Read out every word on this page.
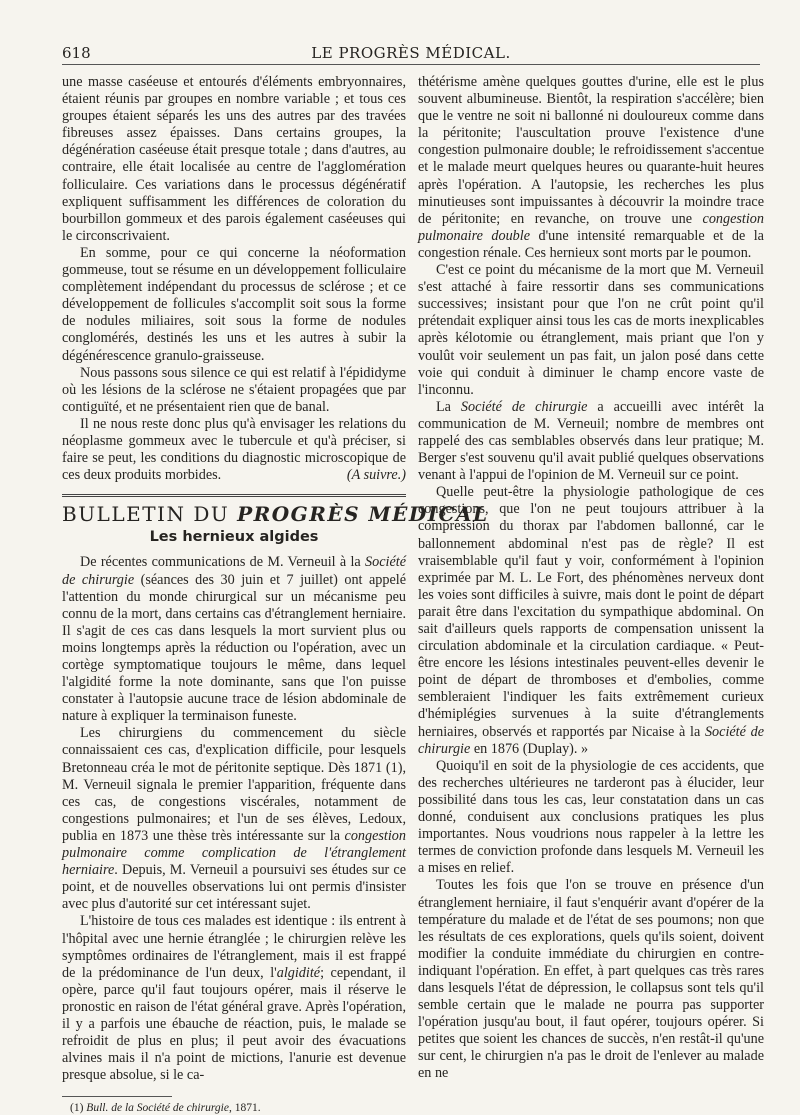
618	LE PROGRÈS MÉDICAL.

une masse caséeuse et entourés d'éléments embryonnaires, étaient réunis par groupes en nombre variable ; et tous ces groupes étaient séparés les uns des autres par des travées fibreuses assez épaisses. Dans certains groupes, la dégénération caséeuse était presque totale ; dans d'autres, au contraire, elle était localisée au centre de l'agglomération folliculaire. Ces variations dans le processus dégénératif expliquent suffisamment les différences de coloration du bourbillon gommeux et des parois également caséeuses qui le circonscrivaient.

En somme, pour ce qui concerne la néoformation gommeuse, tout se résume en un développement folliculaire complètement indépendant du processus de sclérose ; et ce développement de follicules s'accomplit soit sous la forme de nodules miliaires, soit sous la forme de nodules conglomérés, destinés les uns et les autres à subir la dégénérescence granulo-graisseuse.

Nous passons sous silence ce qui est relatif à l'épididyme où les lésions de la sclérose ne s'étaient propagées que par contiguïté, et ne présentaient rien que de banal.

Il ne nous reste donc plus qu'à envisager les relations du néoplasme gommeux avec le tubercule et qu'à préciser, si faire se peut, les conditions du diagnostic microscopique de ces deux produits morbides.	(A suivre.)

BULLETIN DU PROGRÈS MÉDICAL
Les hernieux algides

De récentes communications de M. Verneuil à la Société de chirurgie (séances des 30 juin et 7 juillet) ont appelé l'attention du monde chirurgical sur un mécanisme peu connu de la mort, dans certains cas d'étranglement herniaire. Il s'agit de ces cas dans lesquels la mort survient plus ou moins longtemps après la réduction ou l'opération, avec un cortège symptomatique toujours le même, dans lequel l'algidité forme la note dominante, sans que l'on puisse constater à l'autopsie aucune trace de lésion abdominale de nature à expliquer la terminaison funeste.

Les chirurgiens du commencement du siècle connaissaient ces cas, d'explication difficile, pour lesquels Bretonneau créa le mot de péritonite septique. Dès 1871 (1), M. Verneuil signala le premier l'apparition, fréquente dans ces cas, de congestions viscérales, notamment de congestions pulmonaires; et l'un de ses élèves, Ledoux, publia en 1873 une thèse très intéressante sur la congestion pulmonaire comme complication de l'étranglement herniaire. Depuis, M. Verneuil a poursuivi ses études sur ce point, et de nouvelles observations lui ont permis d'insister avec plus d'autorité sur cet intéressant sujet.

L'histoire de tous ces malades est identique : ils entrent à l'hôpital avec une hernie étranglée ; le chirurgien relève les symptômes ordinaires de l'étranglement, mais il est frappé de la prédominance de l'un deux, l'algidité; cependant, il opère, parce qu'il faut toujours opérer, mais il réserve le pronostic en raison de l'état général grave. Après l'opération, il y a parfois une ébauche de réaction, puis, le malade se refroidit de plus en plus; il peut avoir des évacuations alvines mais il n'a point de mictions, l'anurie est devenue presque absolue, si le ca-

(1) Bull. de la Société de chirurgie, 1871.

thétérisme amène quelques gouttes d'urine, elle est le plus souvent albumineuse. Bientôt, la respiration s'accélère; bien que le ventre ne soit ni ballonné ni douloureux comme dans la péritonite; l'auscultation prouve l'existence d'une congestion pulmonaire double; le refroidissement s'accentue et le malade meurt quelques heures ou quarante-huit heures après l'opération. A l'autopsie, les recherches les plus minutieuses sont impuissantes à découvrir la moindre trace de péritonite; en revanche, on trouve une congestion pulmonaire double d'une intensité remarquable et de la congestion rénale. Ces hernieux sont morts par le poumon.

C'est ce point du mécanisme de la mort que M. Verneuil s'est attaché à faire ressortir dans ses communications successives; insistant pour que l'on ne crût point qu'il prétendait expliquer ainsi tous les cas de morts inexplicables après kélotomie ou étranglement, mais priant que l'on y voulût voir seulement un pas fait, un jalon posé dans cette voie qui conduit à diminuer le champ encore vaste de l'inconnu.

La Société de chirurgie a accueilli avec intérêt la communication de M. Verneuil; nombre de membres ont rappelé des cas semblables observés dans leur pratique; M. Berger s'est souvenu qu'il avait publié quelques observations venant à l'appui de l'opinion de M. Verneuil sur ce point.

Quelle peut-être la physiologie pathologique de ces congestions, que l'on ne peut toujours attribuer à la compression du thorax par l'abdomen ballonné, car le ballonnement abdominal n'est pas de règle? Il est vraisemblable qu'il faut y voir, conformément à l'opinion exprimée par M. L. Le Fort, des phénomènes nerveux dont les voies sont difficiles à suivre, mais dont le point de départ parait être dans l'excitation du sympathique abdominal. On sait d'ailleurs quels rapports de compensation unissent la circulation abdominale et la circulation cardiaque. « Peut-être encore les lésions intestinales peuvent-elles devenir le point de départ de thromboses et d'embolies, comme sembleraient l'indiquer les faits extrêmement curieux d'hémiplégies survenues à la suite d'étranglements herniaires, observés et rapportés par Nicaise à la Société de chirurgie en 1876 (Duplay). »

Quoiqu'il en soit de la physiologie de ces accidents, que des recherches ultérieures ne tarderont pas à élucider, leur possibilité dans tous les cas, leur constatation dans un cas donné, conduisent aux conclusions pratiques les plus importantes. Nous voudrions nous rappeler à la lettre les termes de conviction profonde dans lesquels M. Verneuil les a mises en relief.

Toutes les fois que l'on se trouve en présence d'un étranglement herniaire, il faut s'enquérir avant d'opérer de la température du malade et de l'état de ses poumons; non que les résultats de ces explorations, quels qu'ils soient, doivent modifier la conduite immédiate du chirurgien en contre-indiquant l'opération. En effet, à part quelques cas très rares dans lesquels l'état de dépression, le collapsus sont tels qu'il semble certain que le malade ne pourra pas supporter l'opération jusqu'au bout, il faut opérer, toujours opérer. Si petites que soient les chances de succès, n'en restât-il qu'une sur cent, le chirurgien n'a pas le droit de l'enlever au malade en ne
